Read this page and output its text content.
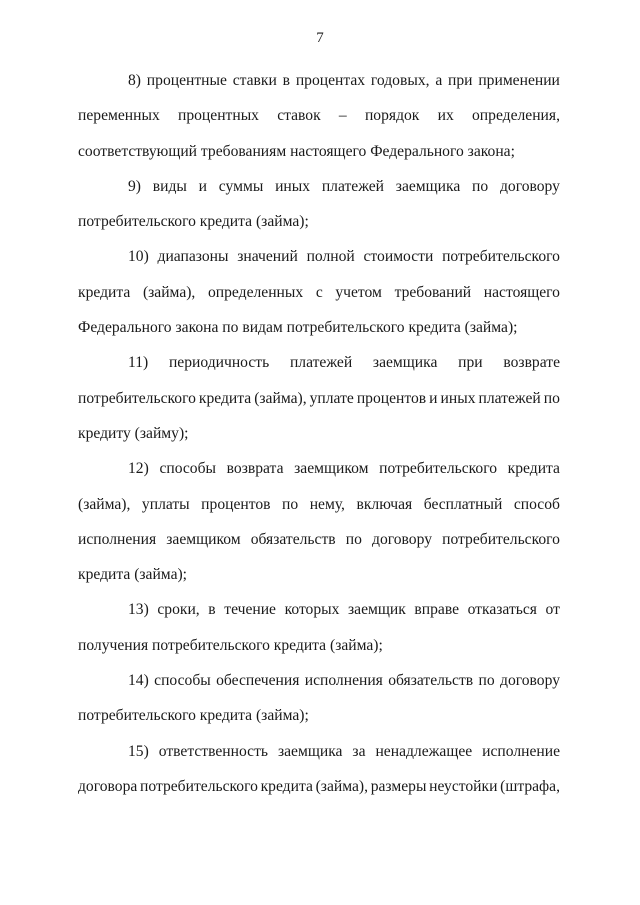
7
8) процентные ставки в процентах годовых, а при применении
переменных процентных ставок – порядок их определения,
соответствующий требованиям настоящего Федерального закона;
9) виды и суммы иных платежей заемщика по договору
потребительского кредита (займа);
10) диапазоны значений полной стоимости потребительского
кредита (займа), определенных с учетом требований настоящего
Федерального закона по видам потребительского кредита (займа);
11) периодичность платежей заемщика при возврате
потребительского кредита (займа), уплате процентов и иных платежей по
кредиту (займу);
12) способы возврата заемщиком потребительского кредита
(займа), уплаты процентов по нему, включая бесплатный способ
исполнения заемщиком обязательств по договору потребительского
кредита (займа);
13) сроки, в течение которых заемщик вправе отказаться от
получения потребительского кредита (займа);
14) способы обеспечения исполнения обязательств по договору
потребительского кредита (займа);
15) ответственность заемщика за ненадлежащее исполнение
договора потребительского кредита (займа), размеры неустойки (штрафа,
